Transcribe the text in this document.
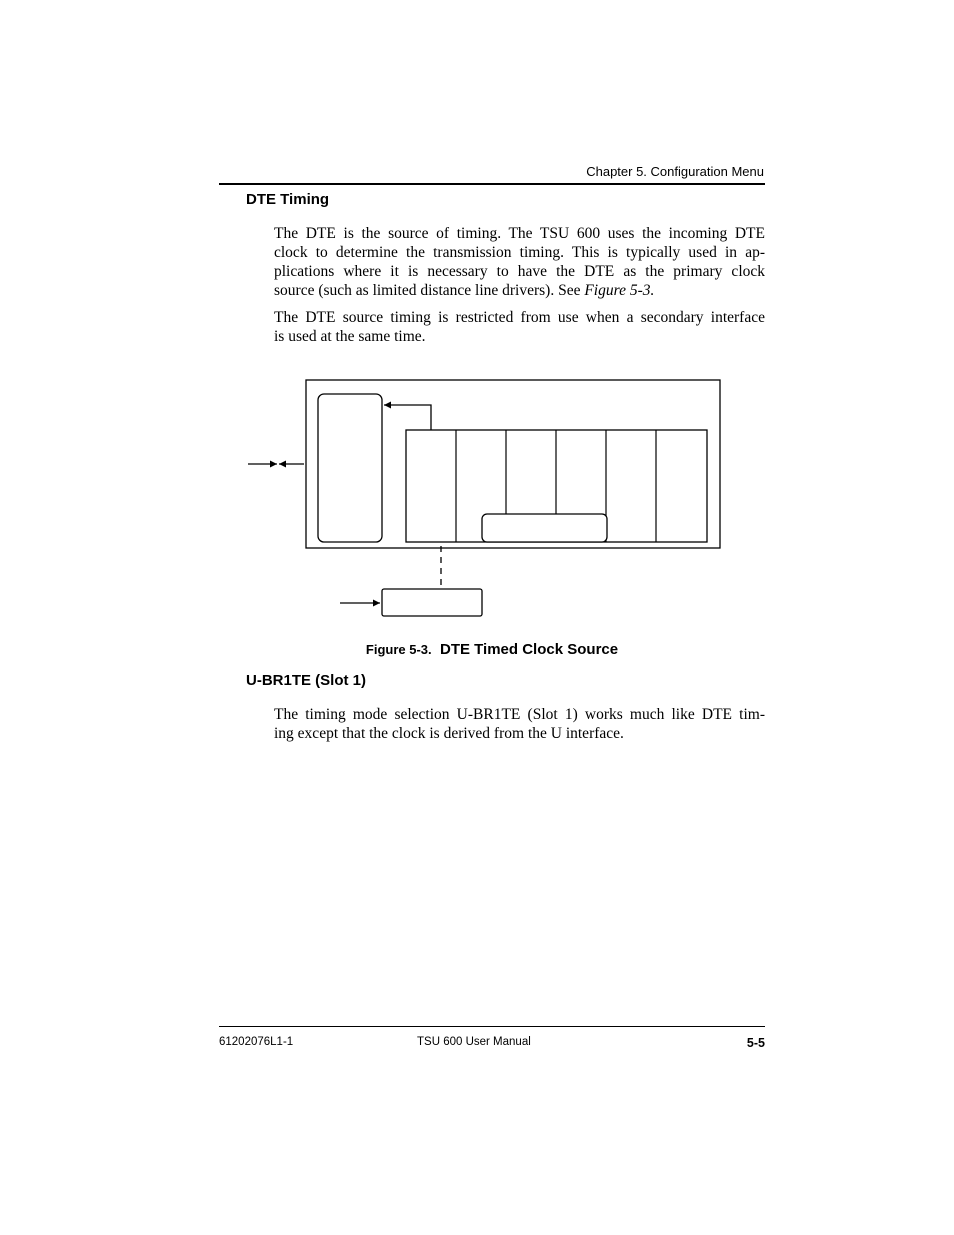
Chapter 5. Configuration Menu
DTE Timing
The DTE is the source of timing. The TSU 600 uses the incoming DTE
clock to determine the transmission timing. This is typically used in ap-
plications where it is necessary to have the DTE as the primary clock
source (such as limited distance line drivers). See Figure 5-3.
The DTE source timing is restricted from use when a secondary interface
is used at the same time.
Figure 5-3. DTE Timed Clock Source
U-BR1TE (Slot 1)
The timing mode selection U-BR1TE (Slot 1) works much like DTE tim-
ing except that the clock is derived from the U interface.
61202076L1-1	TSU 600 User Manual	5-5
